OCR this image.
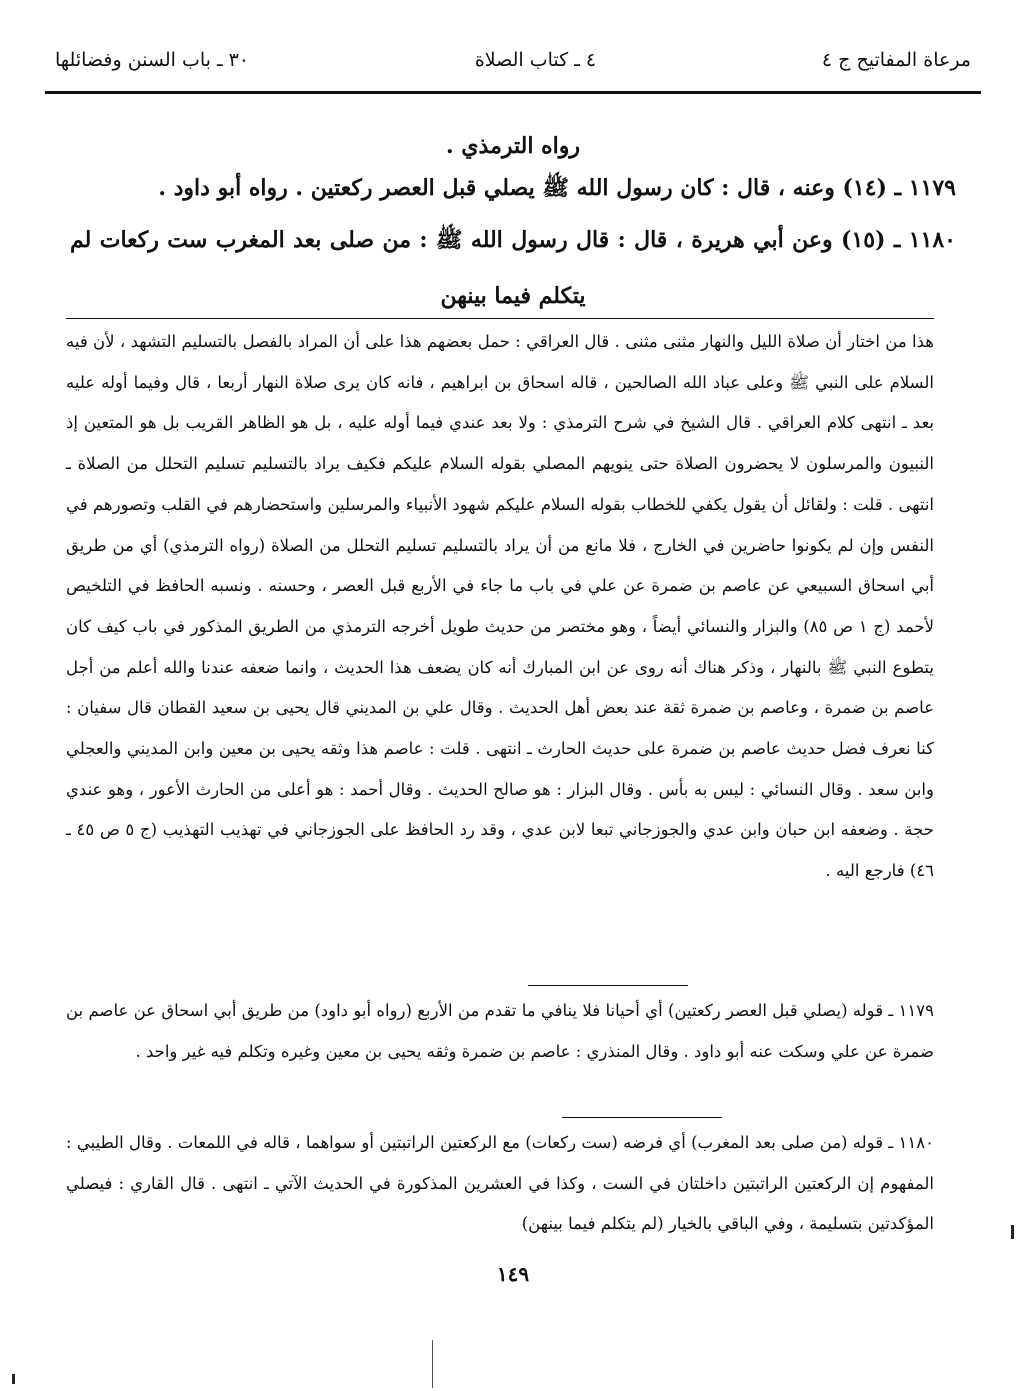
مرعاة المفاتيح ج ٤
٤ ـ كتاب الصلاة
٣٠ ـ باب السنن وفضائلها
رواه الترمذي .
١١٧٩ ـ (١٤) وعنه ، قال : كان رسول الله ﷺ يصلي قبل العصر ركعتين . رواه أبو داود .
١١٨٠ ـ (١٥) وعن أبي هريرة ، قال : قال رسول الله ﷺ : من صلى بعد المغرب ست ركعات لم يتكلم فيما بينهن

هذا من اختار أن صلاة الليل والنهار مثنى مثنى . قال العراقي : حمل بعضهم هذا على أن المراد بالفصل بالتسليم التشهد ، لأن فيه السلام على النبي ﷺ وعلى عباد الله الصالحين ، قاله اسحاق بن ابراهيم ، فانه كان يرى صلاة النهار أربعا ، قال وفيما أوله عليه بعد ـ انتهى كلام العراقي . قال الشيخ في شرح الترمذي : ولا بعد عندي فيما أوله عليه ، بل هو الظاهر القريب بل هو المتعين إذ النبيون والمرسلون لا يحضرون الصلاة حتى ينويهم المصلي بقوله السلام عليكم فكيف يراد بالتسليم تسليم التحلل من الصلاة ـ انتهى . قلت : ولقائل أن يقول يكفي للخطاب بقوله السلام عليكم شهود الأنبياء والمرسلين واستحضارهم في القلب وتصورهم في النفس وإن لم يكونوا حاضرين في الخارج ، فلا مانع من أن يراد بالتسليم تسليم التحلل من الصلاة (رواه الترمذي) أي من طريق أبي اسحاق السبيعي عن عاصم بن ضمرة عن علي في باب ما جاء في الأربع قبل العصر ، وحسنه . ونسبه الحافظ في التلخيص لأحمد (ج ١ ص ٨٥) والبزار والنسائي أيضاً ، وهو مختصر من حديث طويل أخرجه الترمذي من الطريق المذكور في باب كيف كان يتطوع النبي ﷺ بالنهار ، وذكر هناك أنه روى عن ابن المبارك أنه كان يضعف هذا الحديث ، وانما ضعفه عندنا والله أعلم من أجل عاصم بن ضمرة ، وعاصم بن ضمرة ثقة عند بعض أهل الحديث . وقال علي بن المديني قال يحيى بن سعيد القطان قال سفيان : كنا نعرف فضل حديث عاصم بن ضمرة على حديث الحارث ـ انتهى . قلت : عاصم هذا وثقه يحيى بن معين وابن المديني والعجلي وابن سعد . وقال النسائي : ليس به بأس . وقال البزار : هو صالح الحديث . وقال أحمد : هو أعلى من الحارث الأعور ، وهو عندي حجة . وضعفه ابن حبان وابن عدي والجوزجاني تبعا لابن عدي ، وقد رد الحافظ على الجوزجاني في تهذيب التهذيب (ج ٥ ص ٤٥ ـ ٤٦) فارجع اليه .

١١٧٩ ـ قوله (يصلي قبل العصر ركعتين) أي أحيانا فلا ينافي ما تقدم من الأربع (رواه أبو داود) من طريق أبي اسحاق عن عاصم بن ضمرة عن علي وسكت عنه أبو داود . وقال المنذري : عاصم بن ضمرة وثقه يحيى بن معين وغيره وتكلم فيه غير واحد .

١١٨٠ ـ قوله (من صلى بعد المغرب) أي فرضه (ست ركعات) مع الركعتين الراتبتين أو سواهما ، قاله في اللمعات . وقال الطيبي : المفهوم إن الركعتين الراتبتين داخلتان في الست ، وكذا في العشرين المذكورة في الحديث الآتي ـ انتهى . قال القاري : فيصلي المؤكدتين بتسليمة ، وفي الباقي بالخيار (لم يتكلم فيما بينهن)

١٤٩
